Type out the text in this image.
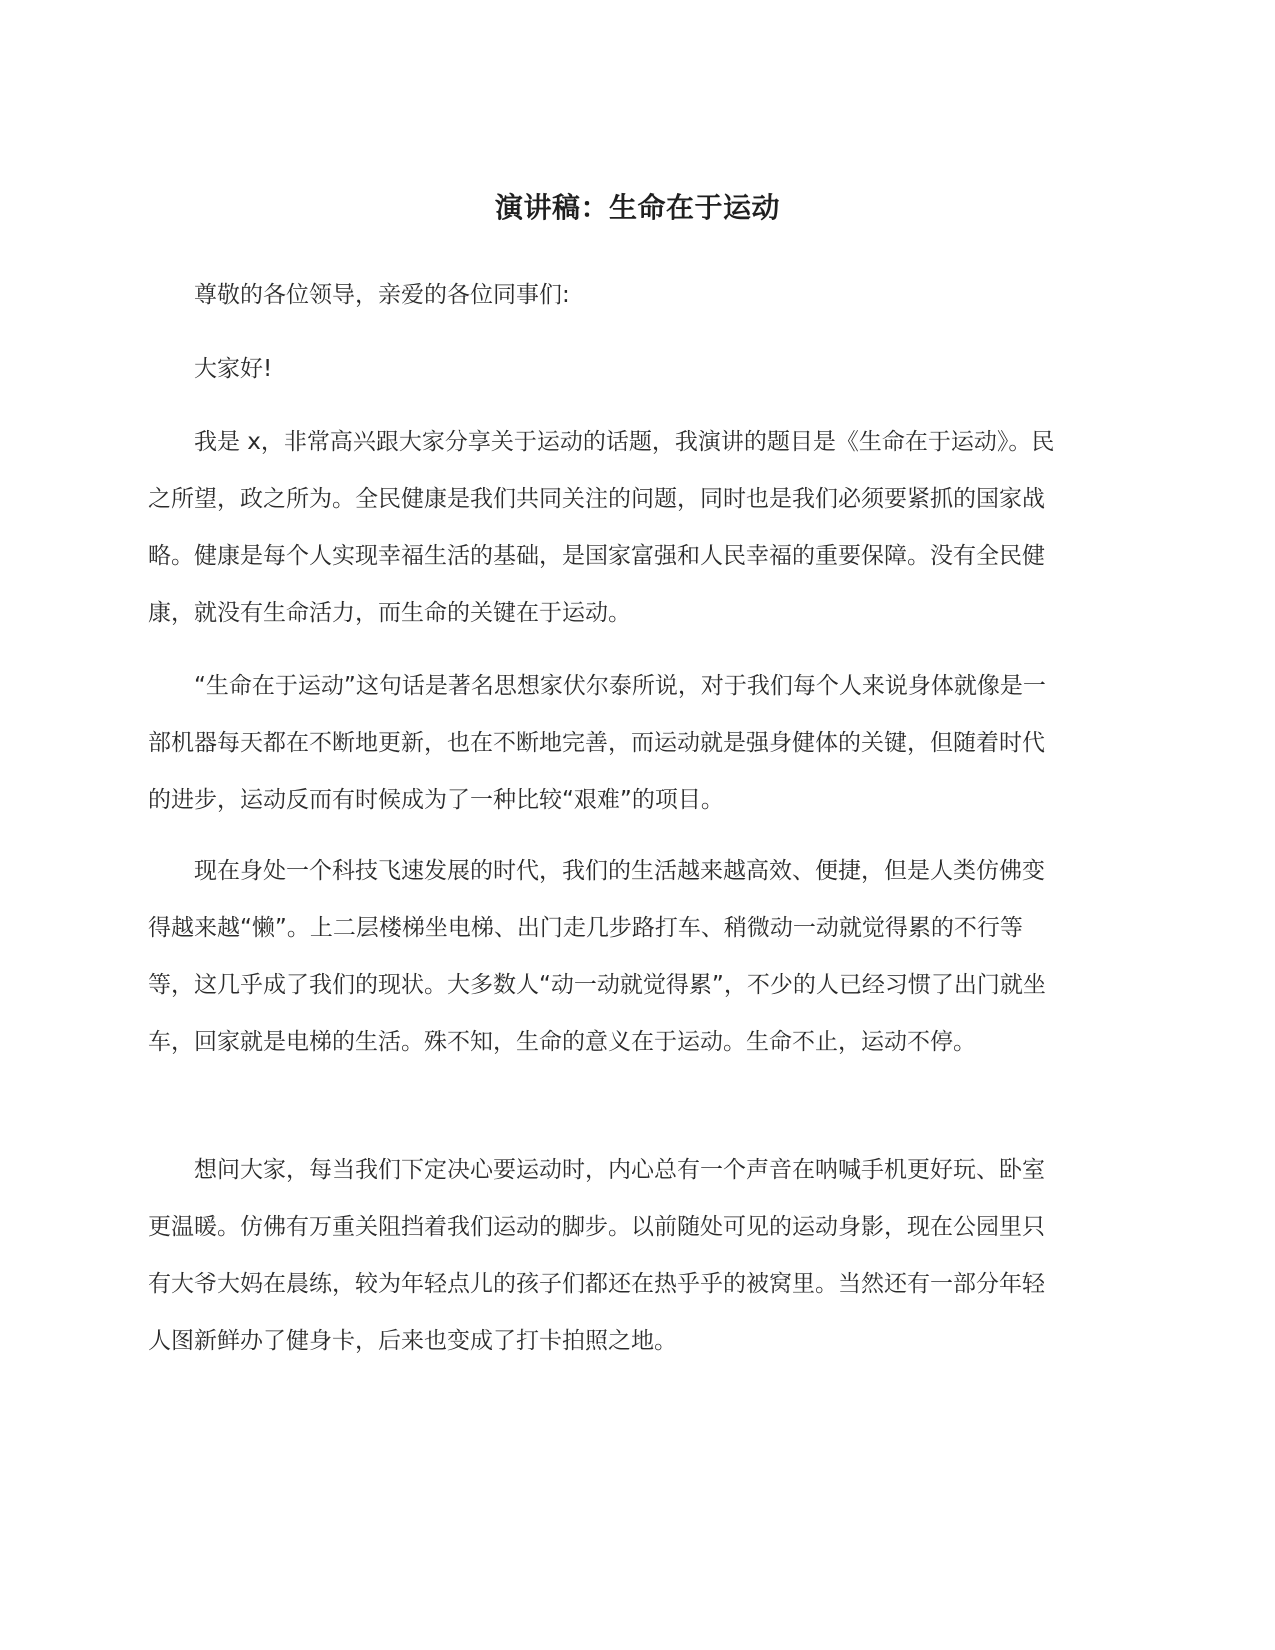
演讲稿：生命在于运动

尊敬的各位领导，亲爱的各位同事们:

大家好!

我是 x，非常高兴跟大家分享关于运动的话题，我演讲的题目是《生命在于运动》。民之所望，政之所为。全民健康是我们共同关注的问题，同时也是我们必须要紧抓的国家战略。健康是每个人实现幸福生活的基础，是国家富强和人民幸福的重要保障。没有全民健康，就没有生命活力，而生命的关键在于运动。

“生命在于运动”这句话是著名思想家伏尔泰所说，对于我们每个人来说身体就像是一部机器每天都在不断地更新，也在不断地完善，而运动就是强身健体的关键，但随着时代的进步，运动反而有时候成为了一种比较“艰难”的项目。

现在身处一个科技飞速发展的时代，我们的生活越来越高效、便捷，但是人类仿佛变得越来越“懒”。上二层楼梯坐电梯、出门走几步路打车、稍微动一动就觉得累的不行等等，这几乎成了我们的现状。大多数人“动一动就觉得累”，不少的人已经习惯了出门就坐车，回家就是电梯的生活。殊不知，生命的意义在于运动。生命不止，运动不停。

想问大家，每当我们下定决心要运动时，内心总有一个声音在呐喊手机更好玩、卧室更温暖。仿佛有万重关阻挡着我们运动的脚步。以前随处可见的运动身影，现在公园里只有大爷大妈在晨练，较为年轻点儿的孩子们都还在热乎乎的被窝里。当然还有一部分年轻人图新鲜办了健身卡，后来也变成了打卡拍照之地。
